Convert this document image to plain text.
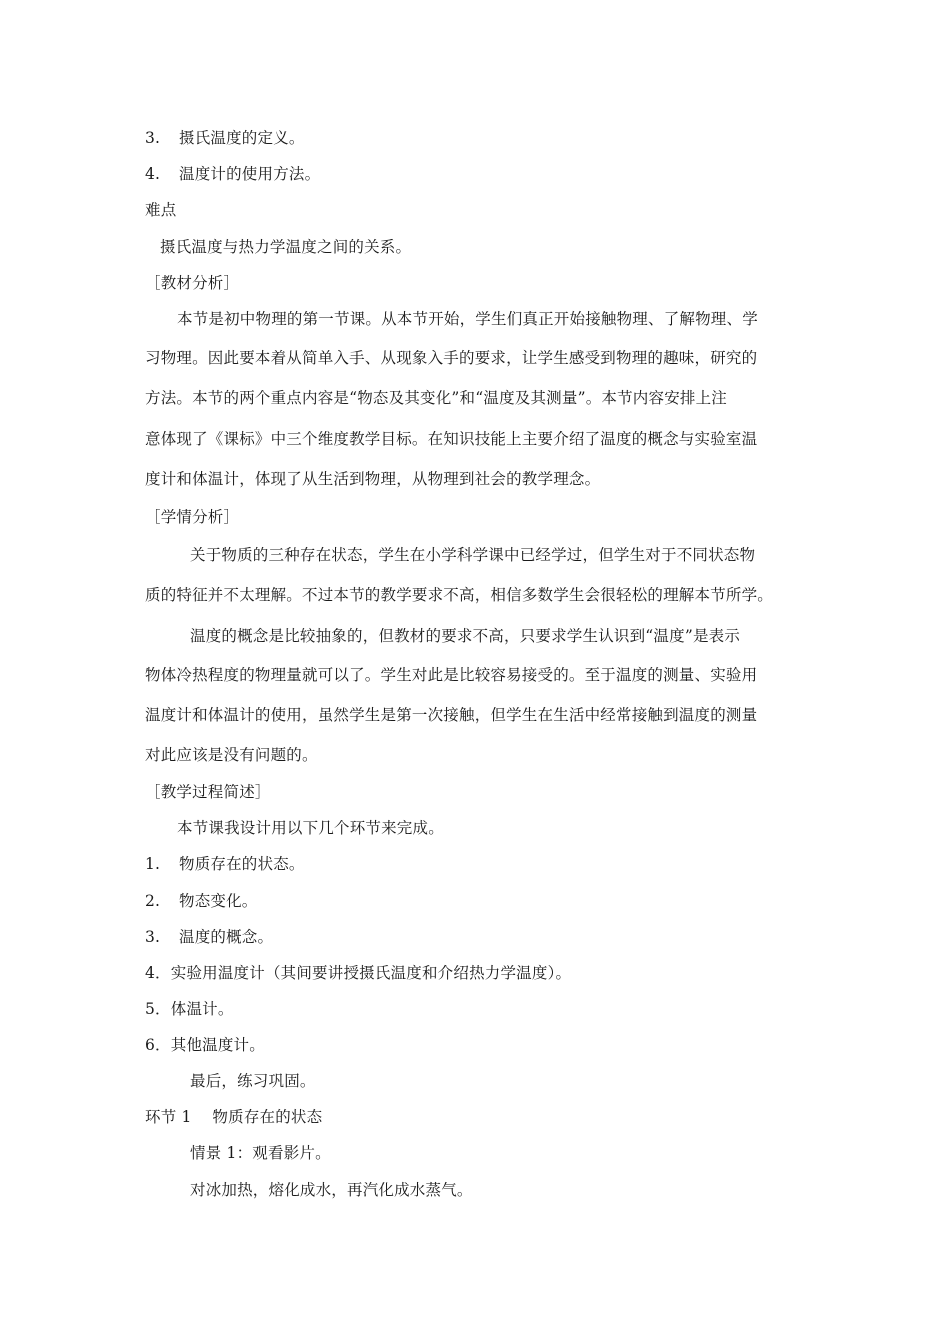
3. 摄氏温度的定义。
4. 温度计的使用方法。
难点
摄氏温度与热力学温度之间的关系。
［教材分析］
本节是初中物理的第一节课。从本节开始，学生们真正开始接触物理、了解物理、学
习物理。因此要本着从简单入手、从现象入手的要求，让学生感受到物理的趣味，研究的
方法。本节的两个重点内容是“物态及其变化”和“温度及其测量”。本节内容安排上注
意体现了《课标》中三个维度教学目标。在知识技能上主要介绍了温度的概念与实验室温
度计和体温计，体现了从生活到物理，从物理到社会的教学理念。
［学情分析］
关于物质的三种存在状态，学生在小学科学课中已经学过，但学生对于不同状态物
质的特征并不太理解。不过本节的教学要求不高，相信多数学生会很轻松的理解本节所学。
温度的概念是比较抽象的，但教材的要求不高，只要求学生认识到“温度”是表示
物体冷热程度的物理量就可以了。学生对此是比较容易接受的。至于温度的测量、实验用
温度计和体温计的使用，虽然学生是第一次接触，但学生在生活中经常接触到温度的测量
对此应该是没有问题的。
［教学过程简述］
本节课我设计用以下几个环节来完成。
1. 物质存在的状态。
2. 物态变化。
3. 温度的概念。
4．实验用温度计（其间要讲授摄氏温度和介绍热力学温度）。
5．体温计。
6．其他温度计。
最后，练习巩固。
环节 1　 物质存在的状态
情景 1：观看影片。
对冰加热，熔化成水，再汽化成水蒸气。
